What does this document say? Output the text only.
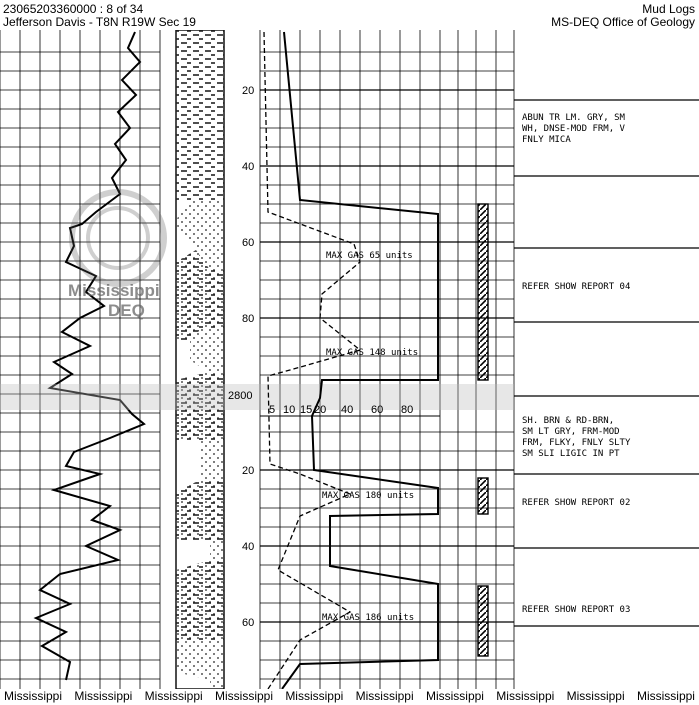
23065203360000 : 8 of 34
Jefferson Davis - T8N R19W Sec 19
Mud Logs
MS-DEQ Office of Geology
Mississippi
DEQ
20
40
60
80
2800
20
40
60
5 10 15 20 40 60 80
MAX GAS 65 units
MAX GAS 148 units
MAX GAS 180 units
MAX GAS 186 units
ABUN TR LM. GRY, SM
WH, DNSE-MOD FRM, V
FNLY MICA
REFER SHOW REPORT 04
SH. BRN & RD-BRN,
SM LT GRY, FRM-MOD
FRM, FLKY, FNLY SLTY
SM SLI LIGIC IN PT
REFER SHOW REPORT 02
REFER SHOW REPORT 03
Mississippi	Mississippi	Mississippi	Mississippi	Mississippi	Mississippi	Mississippi	Mississippi	Mississippi	Mississippi
